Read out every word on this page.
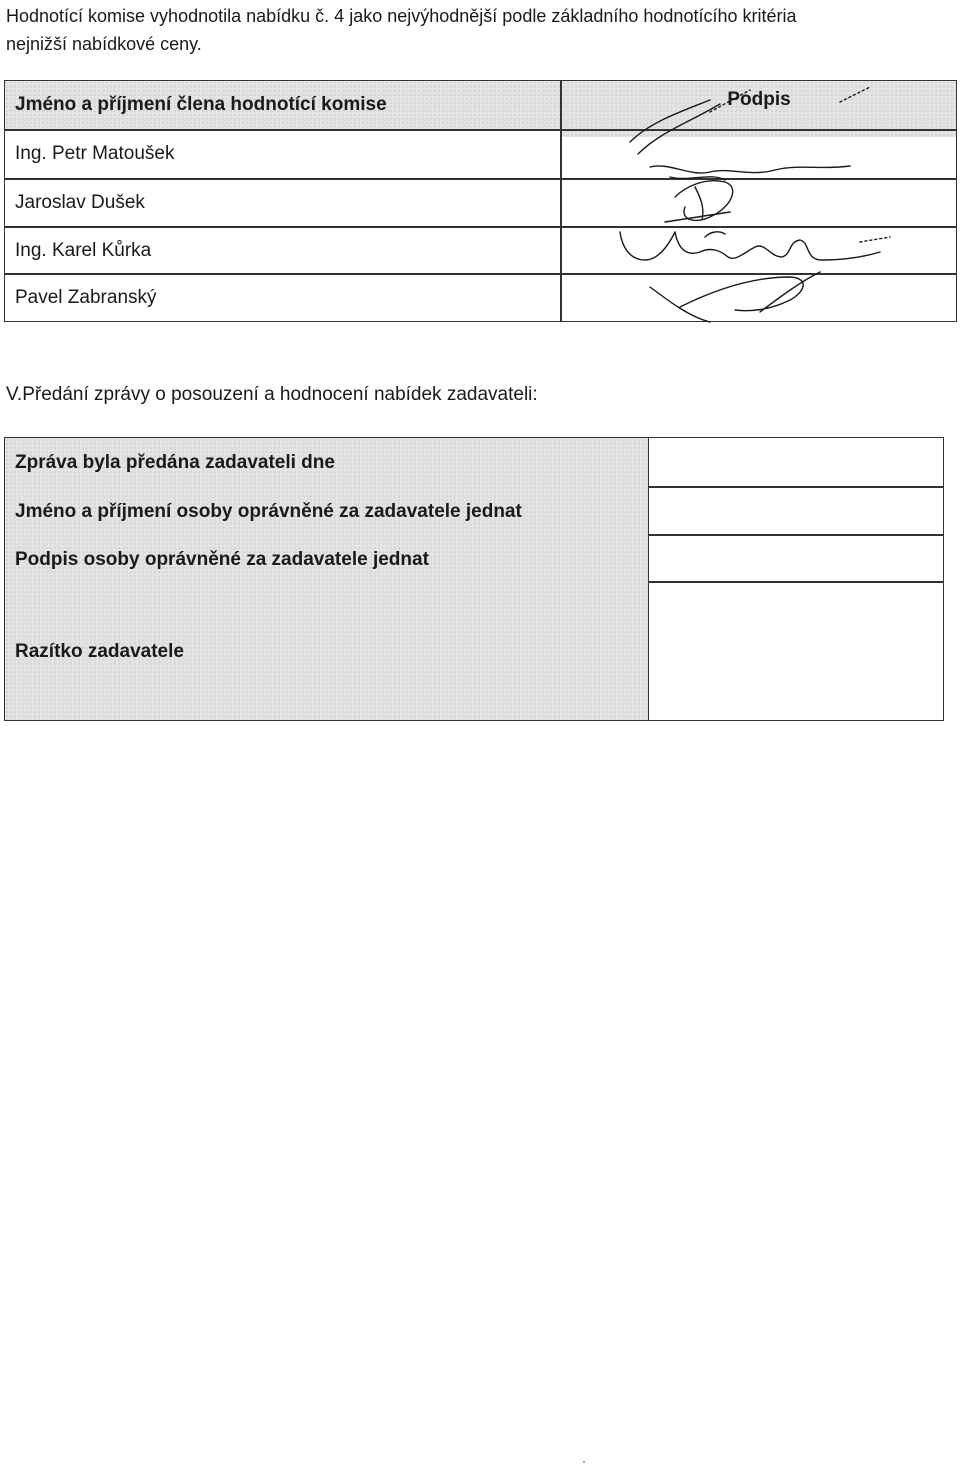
Hodnotící komise vyhodnotila nabídku č. 4 jako nejvýhodnější podle základního hodnotícího kritéria
nejnižší nabídkové ceny.
Jméno a příjmení člena hodnotící komise	Podpis
Ing. Petr Matoušek
Jaroslav Dušek
Ing. Karel Kůrka
Pavel Zabranský

V.Předání zprávy o posouzení a hodnocení nabídek zadavateli:

Zpráva byla předána zadavateli dne
Jméno a příjmení osoby oprávněné za zadavatele jednat
Podpis osoby oprávněné za zadavatele jednat
Razítko zadavatele
